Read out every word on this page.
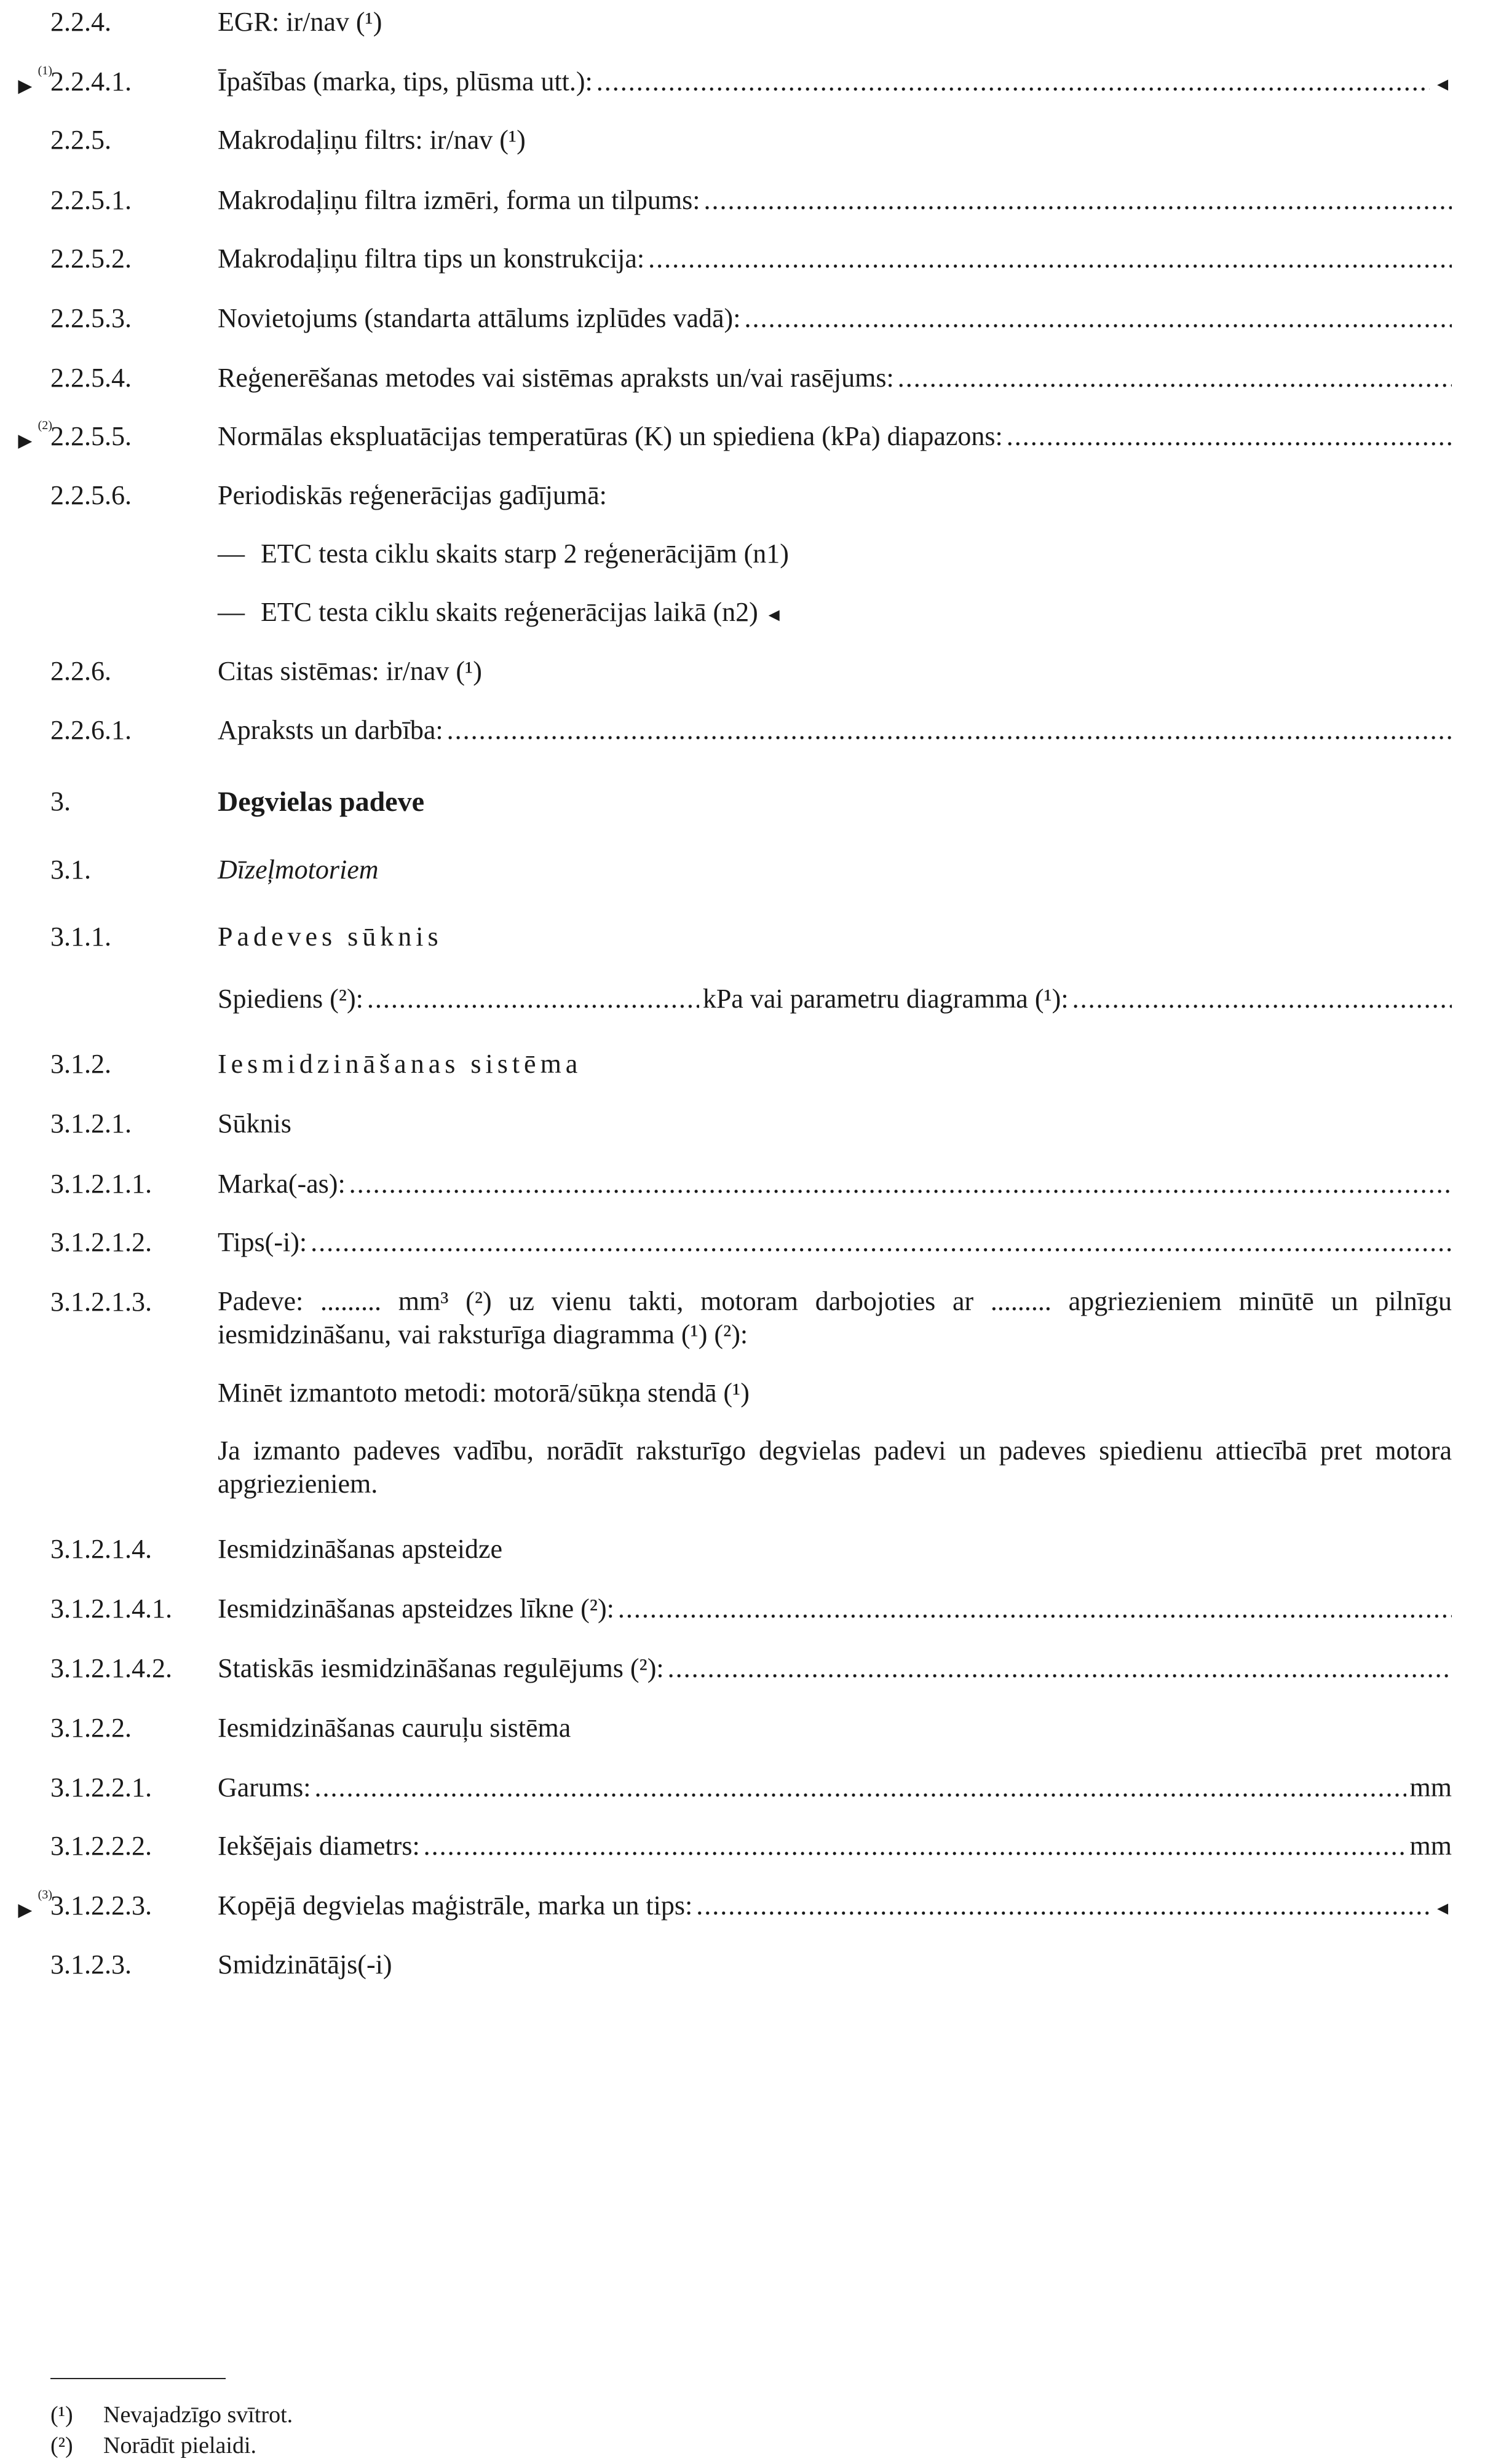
2.2.4.	EGR: ir/nav (¹)
►$^{(1)}$
2.2.4.1.	Īpašības (marka, tips, plūsma utt.): .....	◄
2.2.5.	Makrodaļiņu filtrs: ir/nav (¹)
2.2.5.1.	Makrodaļiņu filtra izmēri, forma un tilpums:
.....
2.2.5.2.	Makrodaļiņu filtra tips un konstrukcija:
.....
2.2.5.3.	Novietojums (standarta attālums izplūdes vadā):
.....
2.2.5.4.	Reģenerēšanas metodes vai sistēmas apraksts un/vai rasējums:
.....
►$^{(2)}$
2.2.5.5.	Normālas ekspluatācijas temperatūras (K) un spiediena (kPa) diapazons:
.....
2.2.5.6.	Periodiskās reģenerācijas gadījumā:
— ETC testa ciklu skaits starp 2 reģenerācijām (n1)
— ETC testa ciklu skaits reģenerācijas laikā (n2) ◄
2.2.6.	Citas sistēmas: ir/nav (¹)
2.2.6.1.	Apraksts un darbība:
.....
3.	Degvielas padeve
3.1.	Dīzeļmotoriem
3.1.1.	Padeves sūknis
Spiediens (²): .....	kPa vai parametru diagramma (¹):
.....
3.1.2.	Iesmidzināšanas sistēma
3.1.2.1.	Sūknis
3.1.2.1.1. Marka(-as):
.....
3.1.2.1.2. Tips(-i):
.....
3.1.2.1.3. Padeve: ......... mm³ (²) uz vienu takti, motoram darbojoties ar ......... apgriezieniem minūtē un pilnīgu iesmidzināšanu, vai raksturīga diagramma (¹) (²):
Minēt izmantoto metodi: motorā/sūkņa stendā (¹)
Ja izmanto padeves vadību, norādīt raksturīgo degvielas padevi un padeves spiedienu attiecībā pret motora apgriezieniem.
3.1.2.1.4. Iesmidzināšanas apsteidze
3.1.2.1.4.1. Iesmidzināšanas apsteidzes līkne (²):
.....
3.1.2.1.4.2. Statiskās iesmidzināšanas regulējums (²):
.....
3.1.2.2.	Iesmidzināšanas cauruļu sistēma
3.1.2.2.1. Garums: .....	mm
3.1.2.2.2. Iekšējais diametrs: .....	mm
►$^{(3)}$
3.1.2.2.3. Kopējā degvielas maģistrāle, marka un tips: .....	◄
3.1.2.3.	Smidzinātājs(-i)
(¹) Nevajadzīgo svītrot.
(²) Norādīt pielaidi.
